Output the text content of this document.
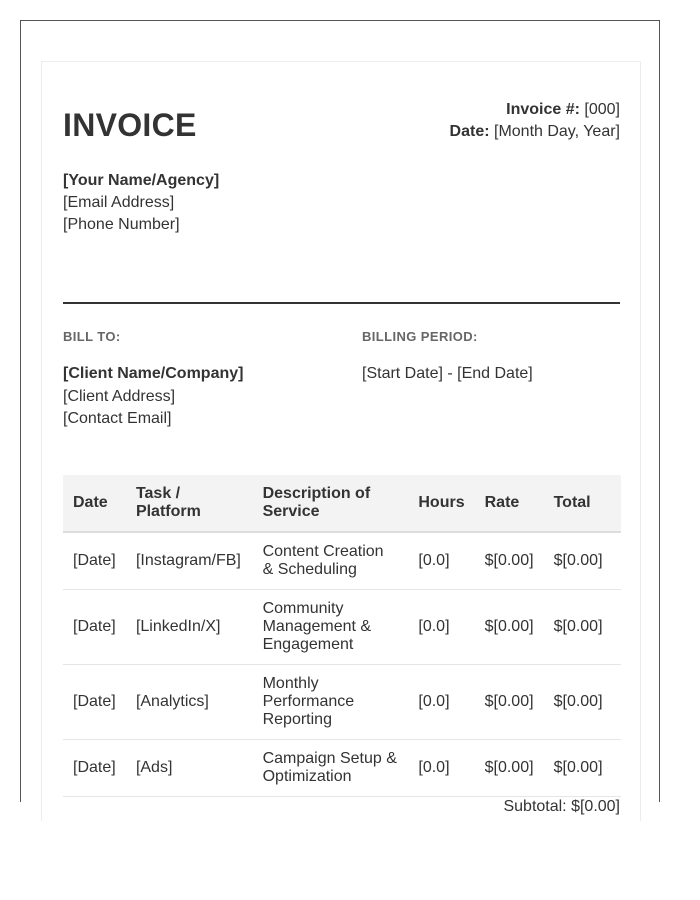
INVOICE	Invoice #: [000]
Date: [Month Day, Year]
[Your Name/Agency]
[Email Address]
[Phone Number]
BILL TO:
[Client Name/Company]
[Client Address]
[Contact Email]
BILLING PERIOD:
[Start Date] - [End Date]
Date	Task / Platform	Description of Service	Hours	Rate	Total
[Date]	[Instagram/FB]	Content Creation & Scheduling	[0.0]	$[0.00]	$[0.00]
[Date]	[LinkedIn/X]	Community Management & Engagement	[0.0]	$[0.00]	$[0.00]
[Date]	[Analytics]	Monthly Performance Reporting	[0.0]	$[0.00]	$[0.00]
[Date]	[Ads]	Campaign Setup & Optimization	[0.0]	$[0.00]	$[0.00]
Subtotal: $[0.00]
